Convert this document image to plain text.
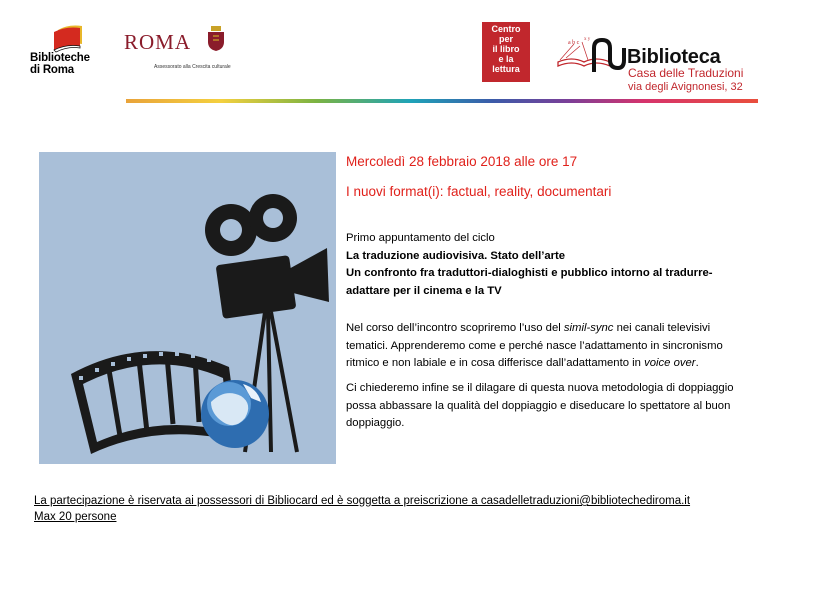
Biblioteche
di Roma
ROMA
Assessorato alla Crescita culturale
Centro
per
il libro
e la
lettura
a b c
x y
Biblioteca
Casa delle Traduzioni
via degli Avignonesi, 32
Mercoledì 28 febbraio 2018 alle ore 17
I nuovi format(i): factual, reality, documentari
Primo appuntamento del ciclo
La traduzione audiovisiva. Stato dell’arte
Un confronto fra traduttori-dialoghisti e pubblico intorno al tradurre-adattare per il cinema e la TV
Nel corso dell’incontro scopriremo l’uso del simil-sync nei canali televisivi tematici. Apprenderemo come e perché nasce l’adattamento in sincronismo ritmico e non labiale e in cosa differisce dall’adattamento in voice over.
Ci chiederemo infine se il dilagare di questa nuova metodologia di doppiaggio possa abbassare la qualità del doppiaggio e diseducare lo spettatore al buon doppiaggio.
La partecipazione è riservata ai possessori di Bibliocard ed è soggetta a preiscrizione a casadelletraduzioni@bibliotechediroma.it
Max 20 persone
